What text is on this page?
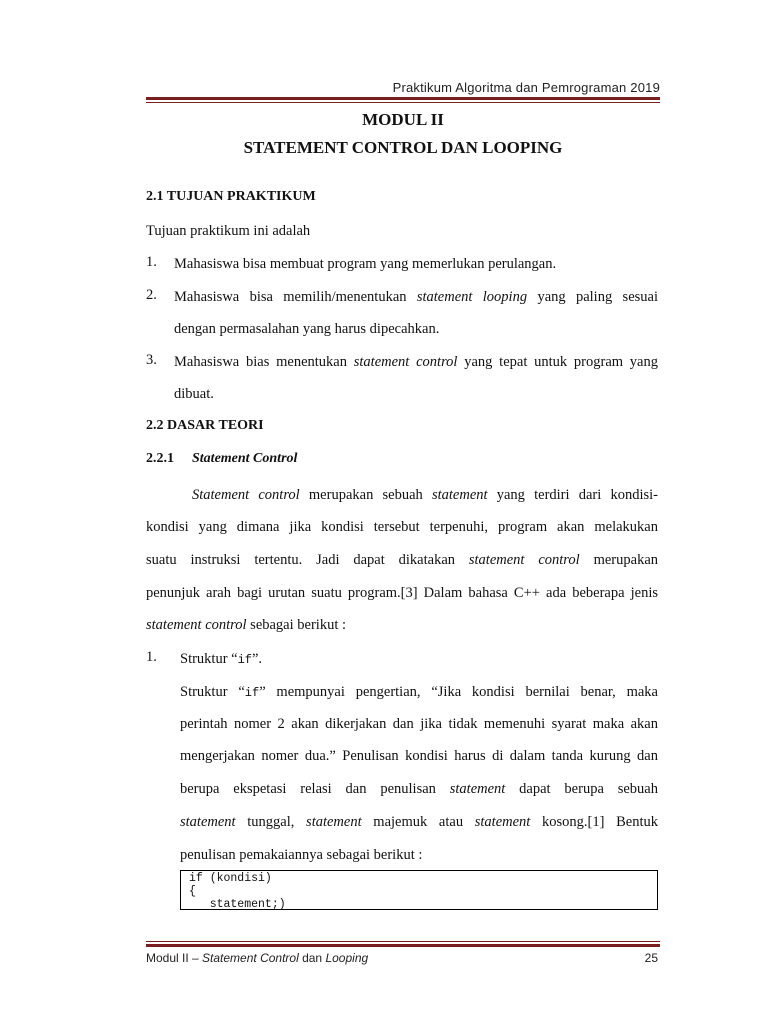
Praktikum Algoritma dan Pemrograman 2019
MODUL II
STATEMENT CONTROL DAN LOOPING
2.1 TUJUAN PRAKTIKUM
Tujuan praktikum ini adalah
1. Mahasiswa bisa membuat program yang memerlukan perulangan.
2. Mahasiswa bisa memilih/menentukan statement looping yang paling sesuai
dengan permasalahan yang harus dipecahkan.
3. Mahasiswa bias menentukan statement control yang tepat untuk program yang
dibuat.
2.2 DASAR TEORI
2.2.1 Statement Control
Statement control merupakan sebuah statement yang terdiri dari kondisi-
kondisi yang dimana jika kondisi tersebut terpenuhi, program akan melakukan
suatu instruksi tertentu. Jadi dapat dikatakan statement control merupakan
penunjuk arah bagi urutan suatu program.[3] Dalam bahasa C++ ada beberapa jenis
statement control sebagai berikut :
1. Struktur “if”.
Struktur “if” mempunyai pengertian, “Jika kondisi bernilai benar, maka
perintah nomer 2 akan dikerjakan dan jika tidak memenuhi syarat maka akan
mengerjakan nomer dua.” Penulisan kondisi harus di dalam tanda kurung dan
berupa ekspetasi relasi dan penulisan statement dapat berupa sebuah
statement tunggal, statement majemuk atau statement kosong.[1] Bentuk
penulisan pemakaiannya sebagai berikut :
if (kondisi)
{
statement;)
Modul II – Statement Control dan Looping	25
